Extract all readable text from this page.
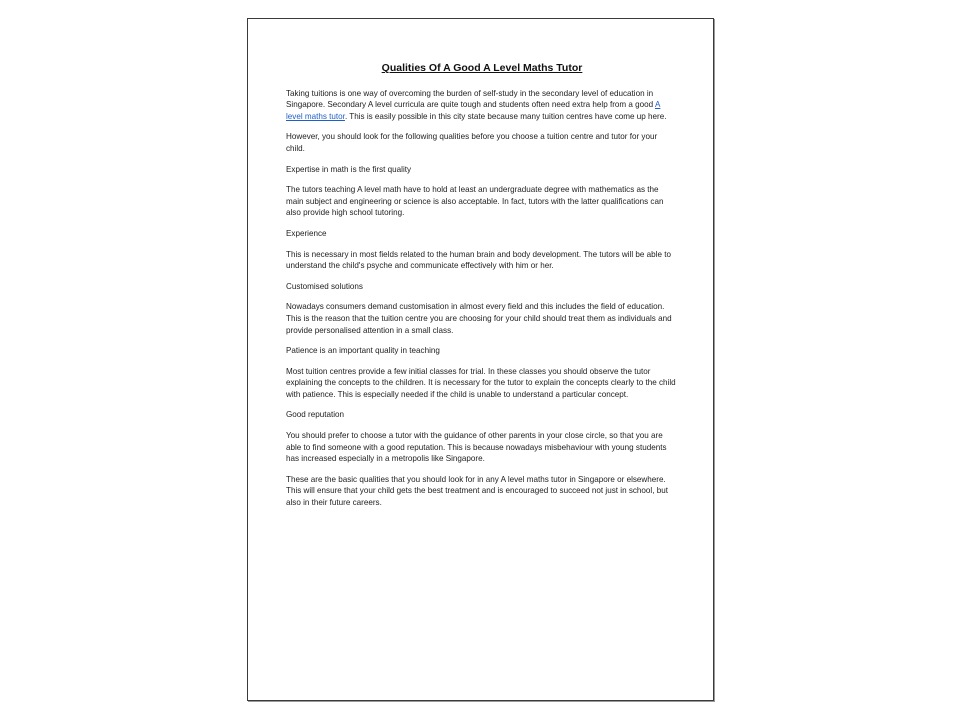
Qualities Of A Good A Level Maths Tutor

Taking tuitions is one way of overcoming the burden of self-study in the secondary level of education in Singapore. Secondary A level curricula are quite tough and students often need extra help from a good A level maths tutor. This is easily possible in this city state because many tuition centres have come up here.

However, you should look for the following qualities before you choose a tuition centre and tutor for your child.

Expertise in math is the first quality

The tutors teaching A level math have to hold at least an undergraduate degree with mathematics as the main subject and engineering or science is also acceptable. In fact, tutors with the latter qualifications can also provide high school tutoring.

Experience

This is necessary in most fields related to the human brain and body development. The tutors will be able to understand the child's psyche and communicate effectively with him or her.

Customised solutions

Nowadays consumers demand customisation in almost every field and this includes the field of education. This is the reason that the tuition centre you are choosing for your child should treat them as individuals and provide personalised attention in a small class.

Patience is an important quality in teaching

Most tuition centres provide a few initial classes for trial. In these classes you should observe the tutor explaining the concepts to the children. It is necessary for the tutor to explain the concepts clearly to the child with patience. This is especially needed if the child is unable to understand a particular concept.

Good reputation

You should prefer to choose a tutor with the guidance of other parents in your close circle, so that you are able to find someone with a good reputation. This is because nowadays misbehaviour with young students has increased especially in a metropolis like Singapore.

These are the basic qualities that you should look for in any A level maths tutor in Singapore or elsewhere. This will ensure that your child gets the best treatment and is encouraged to succeed not just in school, but also in their future careers.
